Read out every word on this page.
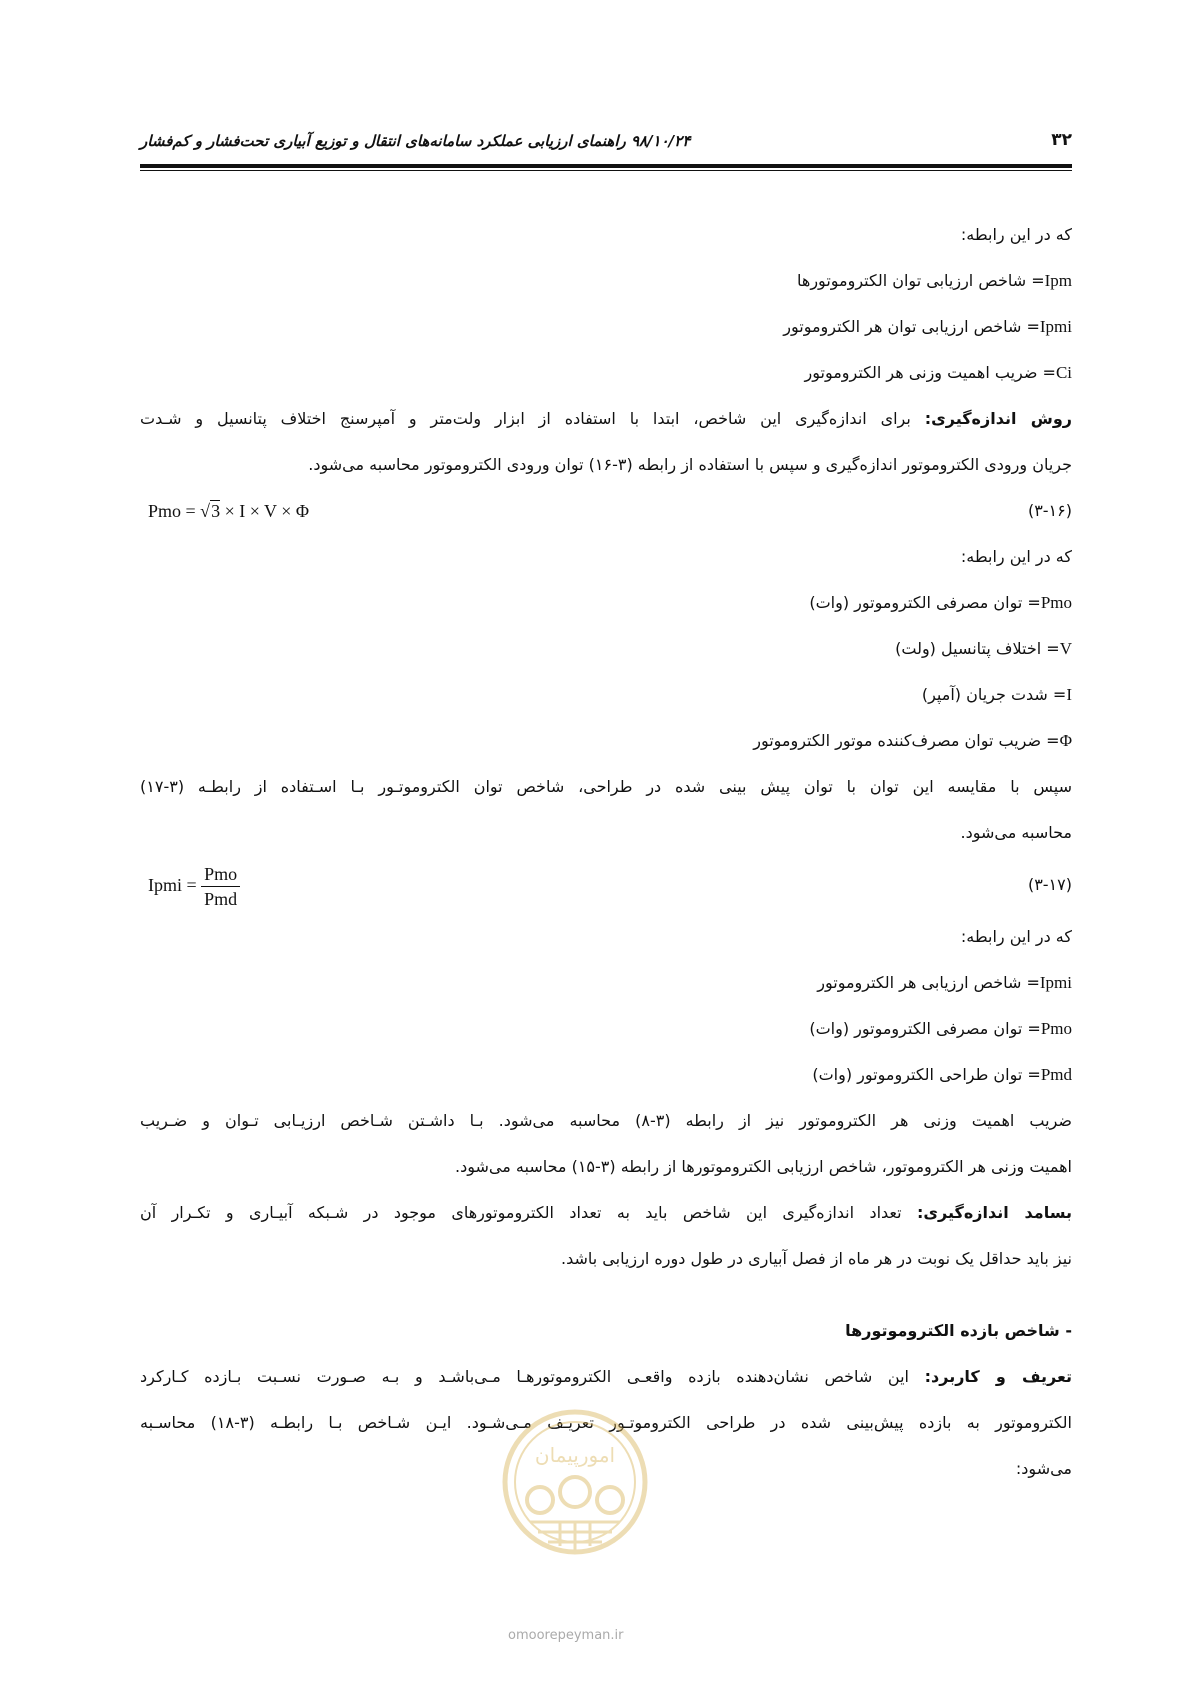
۳۲
۹۸/۱۰/۲۴ راهنمای ارزیابی عملکرد سامانه‌های انتقال و توزیع آبیاری تحت‌فشار و کم‌فشار
که در این رابطه:
Ipm= شاخص ارزیابی توان الکتروموتورها
Ipmi= شاخص ارزیابی توان هر الکتروموتور
Ci= ضریب اهمیت وزنی هر الکتروموتور
روش اندازه‌گیری: برای اندازه‌گیری این شاخص، ابتدا با استفاده از ابزار ولت‌متر و آمپرسنج اختلاف پتانسیل و شـدت
جریان ورودی الکتروموتور اندازه‌گیری و سپس با استفاده از رابطه (۳-۱۶) توان ورودی الکتروموتور محاسبه می‌شود.
(۳-۱۶)
Pmo = √3 × I × V × Φ
که در این رابطه:
Pmo= توان مصرفی الکتروموتور (وات)
V= اختلاف پتانسیل (ولت)
I= شدت جریان (آمپر)
Φ= ضریب توان مصرف‌کننده موتور الکتروموتور
سپس با مقایسه این توان با توان پیش بینی شده در طراحی، شاخص توان الکتروموتـور بـا اسـتفاده از رابطـه (۳-۱۷)
محاسبه می‌شود.
(۳-۱۷)
Ipmi = $\frac{\text{Pmo}}{\text{Pmd}}$
که در این رابطه:
Ipmi= شاخص ارزیابی هر الکتروموتور
Pmo= توان مصرفی الکتروموتور (وات)
Pmd= توان طراحی الکتروموتور (وات)
ضریب اهمیت وزنی هر الکتروموتور نیز از رابطه (۳-۸) محاسبه می‌شود. بـا داشـتن شـاخص ارزیـابی تـوان و ضـریب
اهمیت وزنی هر الکتروموتور، شاخص ارزیابی الکتروموتورها از رابطه (۳-۱۵) محاسبه می‌شود.
بسامد اندازه‌گیری: تعداد اندازه‌گیری این شاخص باید به تعداد الکتروموتورهای موجود در شـبکه آبیـاری و تکـرار آن
نیز باید حداقل یک نوبت در هر ماه از فصل آبیاری در طول دوره ارزیابی باشد.
- شاخص بازده الکتروموتورها
تعریف و کاربرد: این شاخص نشان‌دهنده بازده واقعـی الکتروموتورهـا مـی‌باشـد و بـه صـورت نسـبت بـازده کـارکرد
الکتروموتور به بازده پیش‌بینی شده در طراحی الکتروموتـور تعریـف مـی‌شـود. ایـن شـاخص بـا رابطـه (۳-۱۸) محاسـبه
می‌شود:
امورپیمان
omoorepeyman.ir
